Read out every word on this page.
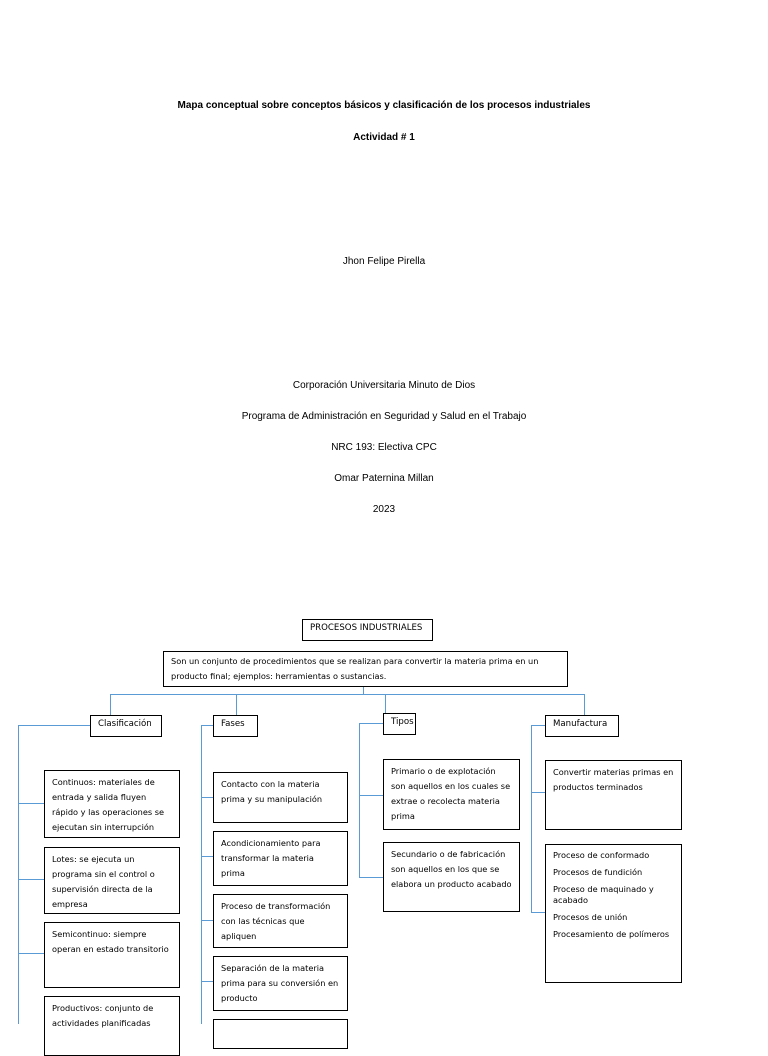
Mapa conceptual sobre conceptos básicos y clasificación de los procesos industriales
Actividad # 1
Jhon Felipe Pirella
Corporación Universitaria Minuto de Dios
Programa de Administración en Seguridad y Salud en el Trabajo
NRC 193: Electiva CPC
Omar Paternina Millan
2023
PROCESOS INDUSTRIALES
Son un conjunto de procedimientos que se realizan para convertir la materia prima en un producto final; ejemplos: herramientas o sustancias.
Clasificación	Fases	Tipos	Manufactura
Continuos: materiales de entrada y salida fluyen rápido y las operaciones se ejecutan sin interrupción
Lotes: se ejecuta un programa sin el control o supervisión directa de la empresa
Semicontinuo: siempre operan en estado transitorio
Productivos: conjunto de actividades planificadas
Contacto con la materia prima y su manipulación
Acondicionamiento para transformar la materia prima
Proceso de transformación con las técnicas que apliquen
Separación de la materia prima para su conversión en producto
Primario o de explotación son aquellos en los cuales se extrae o recolecta materia prima
Secundario o de fabricación son aquellos en los que se elabora un producto acabado
Convertir materias primas en productos terminados
Proceso de conformado
Procesos de fundición
Proceso de maquinado y acabado
Procesos de unión
Procesamiento de polímeros
